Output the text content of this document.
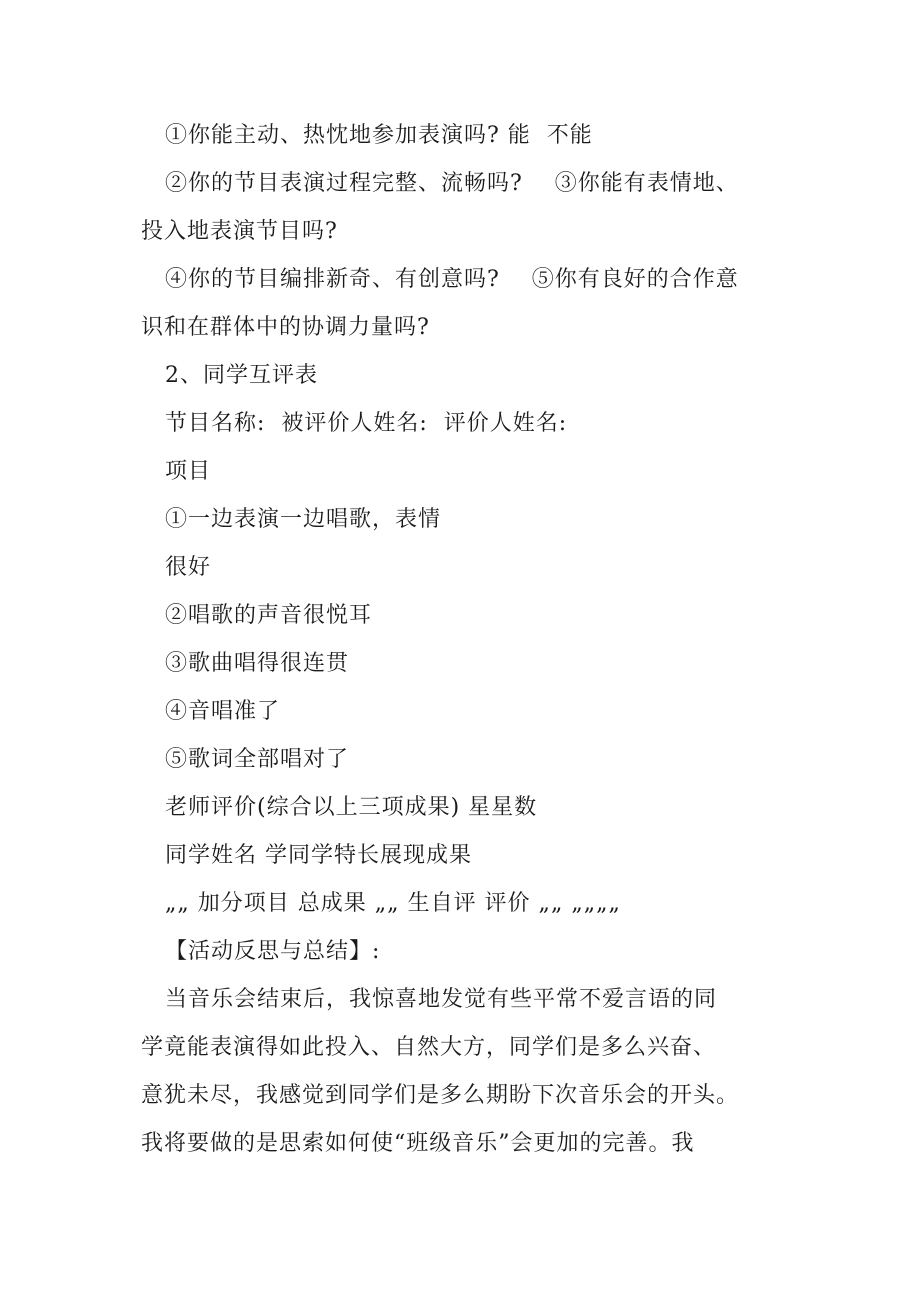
①你能主动、热忱地参加表演吗? 能  不能
②你的节目表演过程完整、流畅吗?    ③你能有表情地、
投入地表演节目吗?
④你的节目编排新奇、有创意吗?    ⑤你有良好的合作意
识和在群体中的协调力量吗?
2、同学互评表
节目名称:  被评价人姓名:  评价人姓名:
项目
①一边表演一边唱歌，表情
很好
②唱歌的声音很悦耳
③歌曲唱得很连贯
④音唱准了
⑤歌词全部唱对了
老师评价(综合以上三项成果) 星星数
同学姓名 学同学特长展现成果
„„ 加分项目 总成果 „„ 生自评 评价 „„ „„„„
【活动反思与总结】:
当音乐会结束后，我惊喜地发觉有些平常不爱言语的同
学竟能表演得如此投入、自然大方，同学们是多么兴奋、
意犹未尽，我感觉到同学们是多么期盼下次音乐会的开头。
我将要做的是思索如何使“班级音乐”会更加的完善。我
